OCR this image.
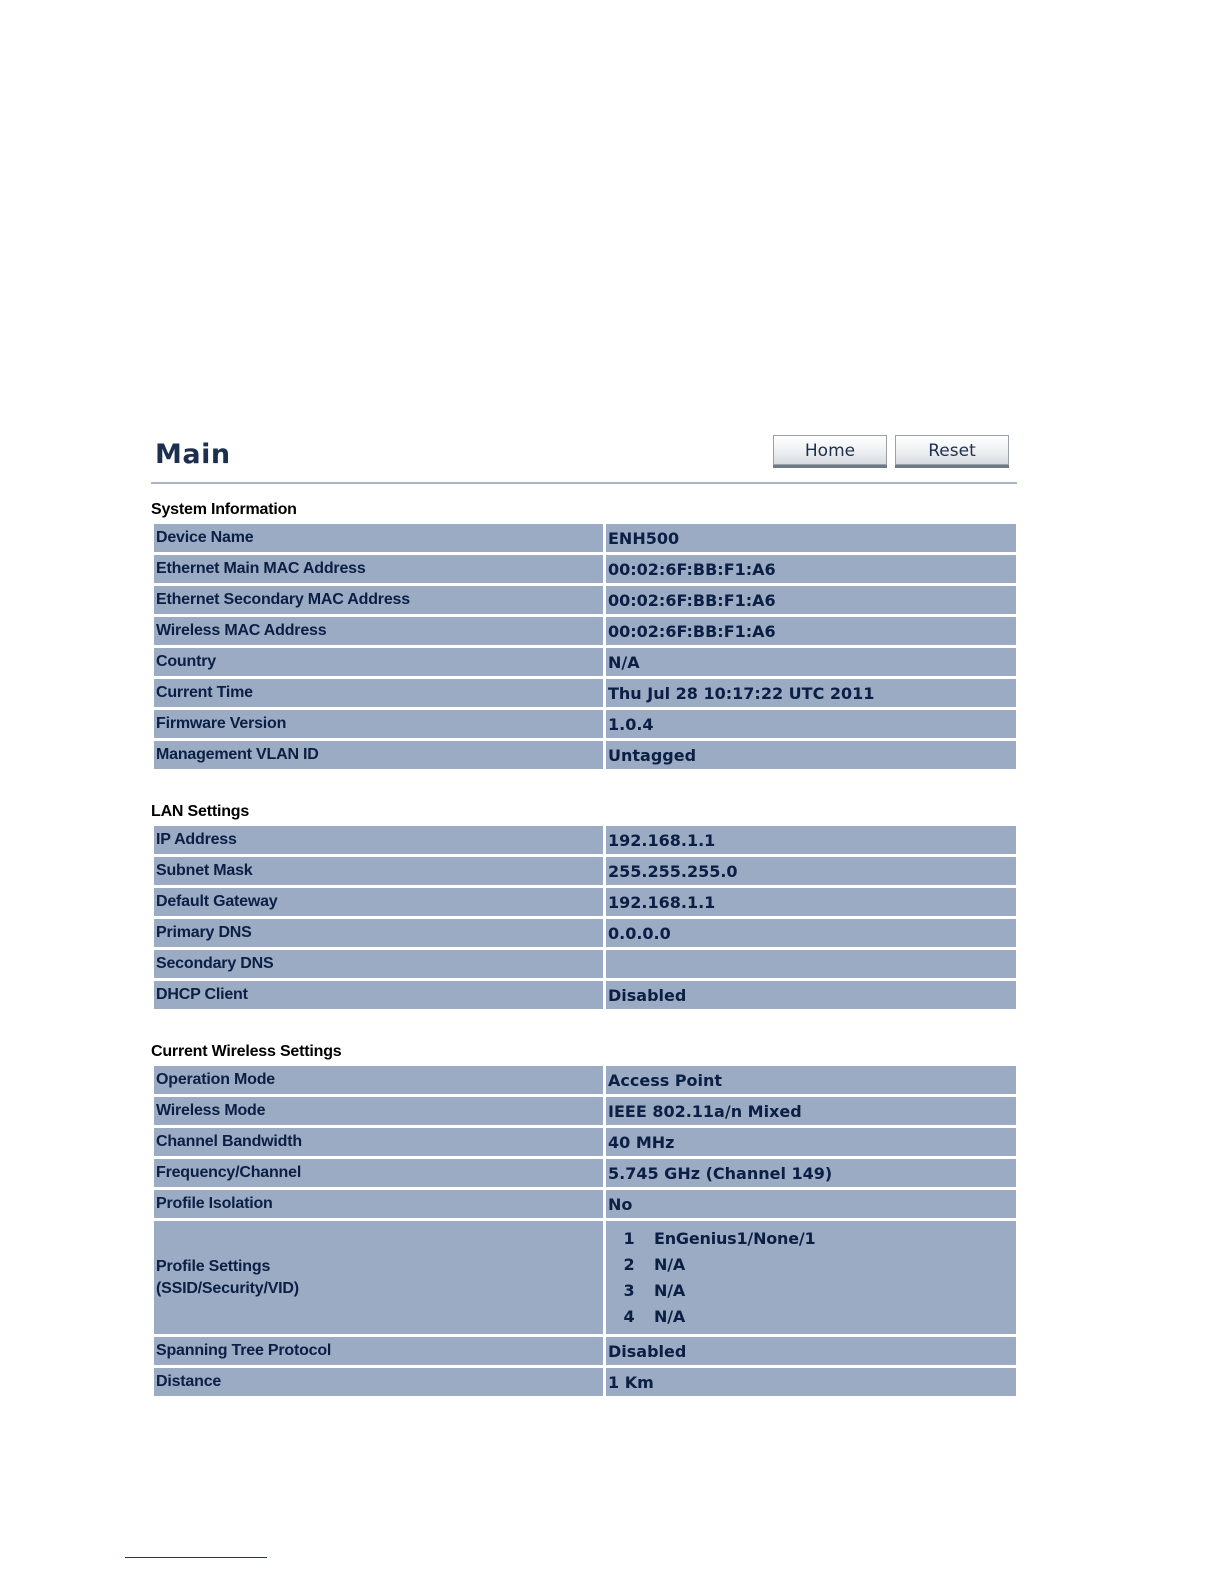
Main	Home	Reset
System Information
Device Name	ENH500
Ethernet Main MAC Address	00:02:6F:BB:F1:A6
Ethernet Secondary MAC Address	00:02:6F:BB:F1:A6
Wireless MAC Address	00:02:6F:BB:F1:A6
Country	N/A
Current Time	Thu Jul 28 10:17:22 UTC 2011
Firmware Version	1.0.4
Management VLAN ID	Untagged
LAN Settings
IP Address	192.168.1.1
Subnet Mask	255.255.255.0
Default Gateway	192.168.1.1
Primary DNS	0.0.0.0
Secondary DNS	
DHCP Client	Disabled
Current Wireless Settings
Operation Mode	Access Point
Wireless Mode	IEEE 802.11a/n Mixed
Channel Bandwidth	40 MHz
Frequency/Channel	5.745 GHz (Channel 149)
Profile Isolation	No

Profile Settings
(SSID/Security/VID)

1	EnGenius1/None/1
2	N/A
3	N/A
4	N/A

Spanning Tree Protocol	Disabled
Distance	1 Km
